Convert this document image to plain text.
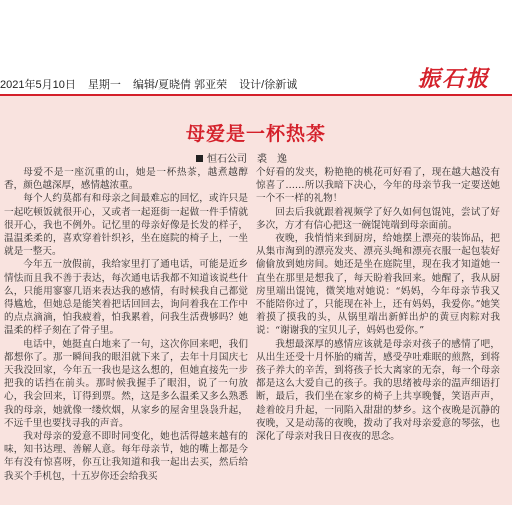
2021年5月10日 星期一 编辑/夏晓倩 郭亚荣 设计/徐新诚	振石报
母爱是一杯热茶
恒石公司　裘　逸

母爱不是一座沉重的山，她是一杯热茶，越煮越醇香，颜色越深厚，感情越浓重。

每个人约莫都有和母亲之间最难忘的回忆，或许只是一起吃顿饭就很开心，又或者一起逛街一起做一件手情就很开心，我也不例外。记忆里的母亲好像是长发的样子，温温柔柔的，喜欢穿着针织衫，坐在庭院的椅子上，一坐就是一整天。

今年五一放假前，我给家里打了通电话，可能是近乡情怯而且我不善于表达，每次通电话我都不知道该说些什么，只能用寥寥几语来表达我的感情，有时候我自己都觉得尴尬，但她总是能笑着把话回回去，询问着我在工作中的点点滴滴，怕我疲着，怕我累着，问我生活费够吗？她温柔的样子刻在了骨子里。

电话中，她挺直白地来了一句，这次你回来吧，我们都想你了。那一瞬间我的眼泪就下来了，去年十月国庆七天我没回家，今年五一我也是这么想的，但她直接先一步把我的话挡在前头。那时候我握手了眼泪，说了一句放心，我会回来，订得到票。然，这是多么温柔又多么熟悉我的母亲，她就像一缕炊烟，从家乡的屋舍里袅袅升起，不远千里也要找寻我的声音。

我对母亲的爱意不即时同变化，她也活得越来越有的味，知书达理、善解人意。每年母亲节，她的嘴上都是今年有没有惊喜呀，你互让我知道和我一起出去买，然后给我买个手机包，十五岁你还会给我买

个好看的发夹，粉艳艳的桃花可好看了，现在越大越没有惊喜了……所以我暗下决心，今年的母亲节我一定要送她一个不一样的礼物！

回去后我就跟着视频学了好久如何包馄饨，尝试了好多次，方才有信心把这一碗馄饨端到母亲面前。

夜晚，我悄悄来到厨房，给她摆上漂亮的装饰品，把从集市淘到的漂亮发夹、漂亮头绳和漂亮衣服一起包装好偷偷放到她房间。她还是坐在庭院里，现在我才知道她一直坐在那里是想我了，每天盼着我回来。她醒了，我从厨房里端出馄饨，微笑地对她说：“妈妈，今年母亲节我又不能陪你过了，只能现在补上，还有妈妈，我爱你。”她笑着摸了摸我的头，从锅里端出新鲜出炉的黄豆肉粽对我说：“谢谢我的宝贝儿子，妈妈也爱你。”

我想最深厚的感情应该就是母亲对孩子的感情了吧，从出生还受十月怀胎的痛苦，感受孕吐难眠的煎熬，到将孩子养大的辛苦，到将孩子长大离家的无奈，每一个母亲都是这么大爱自己的孩子。我的思绪被母亲的温声细语打断，最后，我们坐在家乡的椅子上共享晚餐，笑语声声，趁着皎月升起，一同陷入甜甜的梦乡。这个夜晚是沉静的夜晚，又是动荡的夜晚，拨动了我对母亲爱意的琴弦，也深化了母亲对我日日夜夜的思念。
